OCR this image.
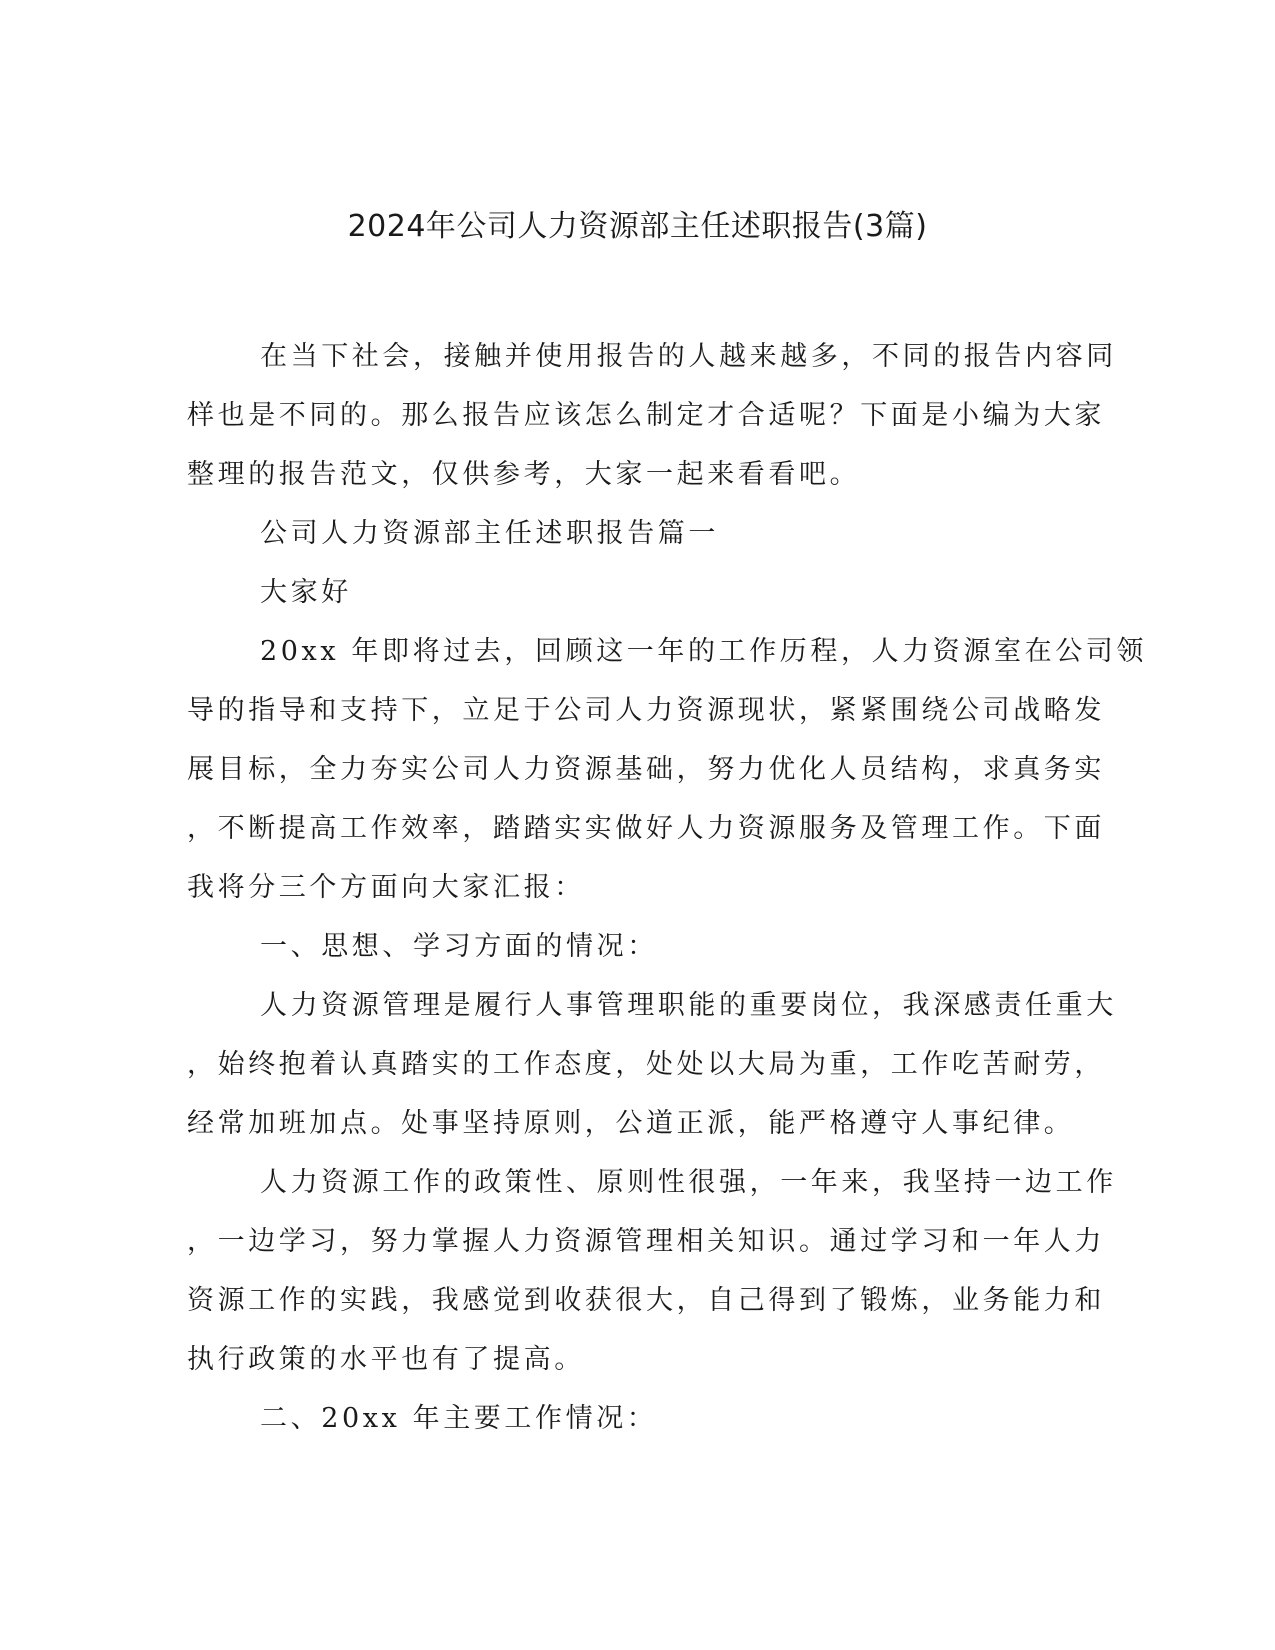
2024年公司人力资源部主任述职报告(3篇)
在当下社会，接触并使用报告的人越来越多，不同的报告内容同
样也是不同的。那么报告应该怎么制定才合适呢？下面是小编为大家
整理的报告范文，仅供参考，大家一起来看看吧。
公司人力资源部主任述职报告篇一
大家好
20xx 年即将过去，回顾这一年的工作历程，人力资源室在公司领
导的指导和支持下，立足于公司人力资源现状，紧紧围绕公司战略发
展目标，全力夯实公司人力资源基础，努力优化人员结构，求真务实
，不断提高工作效率，踏踏实实做好人力资源服务及管理工作。下面
我将分三个方面向大家汇报：
一、思想、学习方面的情况：
人力资源管理是履行人事管理职能的重要岗位，我深感责任重大
，始终抱着认真踏实的工作态度，处处以大局为重，工作吃苦耐劳，
经常加班加点。处事坚持原则，公道正派，能严格遵守人事纪律。
人力资源工作的政策性、原则性很强，一年来，我坚持一边工作
，一边学习，努力掌握人力资源管理相关知识。通过学习和一年人力
资源工作的实践，我感觉到收获很大，自己得到了锻炼，业务能力和
执行政策的水平也有了提高。
二、20xx 年主要工作情况：
